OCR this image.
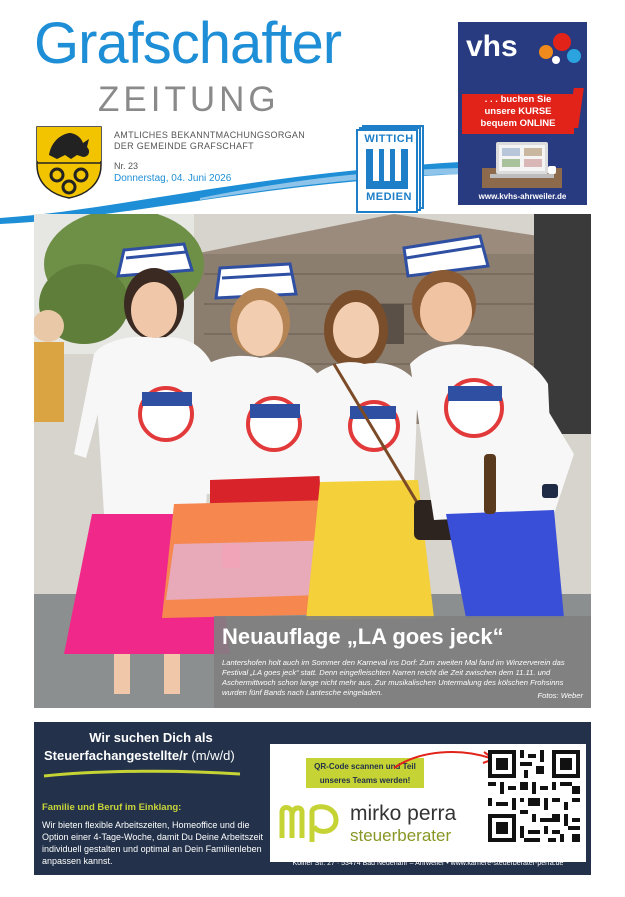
Grafschafter
ZEITUNG
AMTLICHES BEKANNTMACHUNGSORGAN
DER GEMEINDE GRAFSCHAFT
Nr. 23
Donnerstag, 04. Juni 2026
WITTICH
MEDIEN
vhs
. . . buchen Sie
unsere KURSE
bequem ONLINE
www.kvhs-ahrweiler.de
Neuauflage „LA goes jeck“
Lantershofen holt auch im Sommer den Karneval ins Dorf: Zum zweiten Mal fand im Winzerverein das Festival „LA goes jeck“ statt. Denn eingefleischten Narren reicht die Zeit zwischen dem 11.11. und Aschermittwoch schon lange nicht mehr aus. Zur musikalischen Untermalung des kölschen Frohsinns wurden fünf Bands nach Lantesche eingeladen.	Fotos: Weber
Wir suchen Dich als
Steuerfachangestellte/r (m/w/d)
Familie und Beruf im Einklang:
Wir bieten flexible Arbeitszeiten, Homeoffice und die Option einer 4-Tage-Woche, damit Du Deine Arbeitszeit individuell gestalten und optimal an Dein Familienleben anpassen kannst.
QR-Code scannen und Teil
unseres Teams werden!
mirko perra
steuerberater
Kölner Str. 27 · 53474 Bad Neuenahr – Ahrweiler • www.karriere-steuerberater-perra.de
